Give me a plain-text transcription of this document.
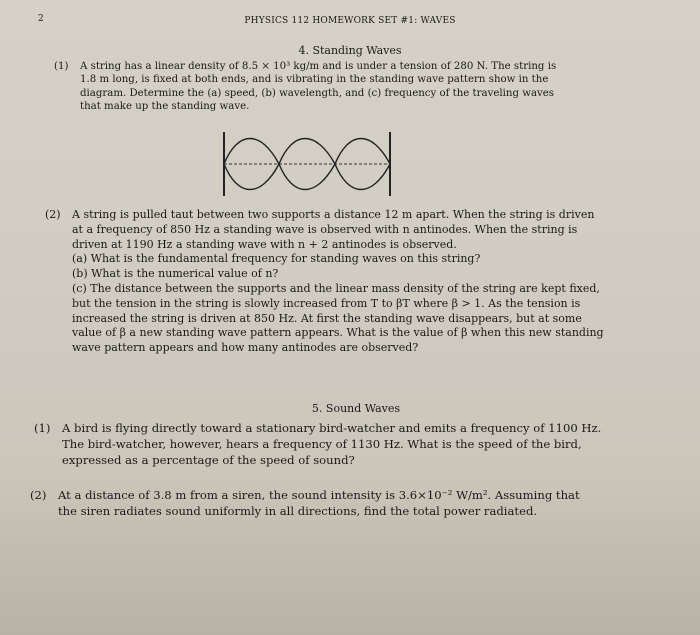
2	PHYSICS 112 HOMEWORK SET #1: WAVES
4. Standing Waves
(1) A string has a linear density of 8.5 × 10³ kg/m and is under a tension of 280 N. The string is
1.8 m long, is fixed at both ends, and is vibrating in the standing wave pattern show in the
diagram. Determine the (a) speed, (b) wavelength, and (c) frequency of the traveling waves
that make up the standing wave.
(2) A string is pulled taut between two supports a distance 12 m apart. When the string is driven
at a frequency of 850 Hz a standing wave is observed with n antinodes. When the string is
driven at 1190 Hz a standing wave with n + 2 antinodes is observed.
(a) What is the fundamental frequency for standing waves on this string?
(b) What is the numerical value of n?
(c) The distance between the supports and the linear mass density of the string are kept fixed,
but the tension in the string is slowly increased from T to βT where β > 1. As the tension is
increased the string is driven at 850 Hz. At first the standing wave disappears, but at some
value of β a new standing wave pattern appears. What is the value of β when this new standing
wave pattern appears and how many antinodes are observed?
5. Sound Waves
(1) A bird is flying directly toward a stationary bird-watcher and emits a frequency of 1100 Hz.
The bird-watcher, however, hears a frequency of 1130 Hz. What is the speed of the bird,
expressed as a percentage of the speed of sound?
(2) At a distance of 3.8 m from a siren, the sound intensity is 3.6×10⁻² W/m². Assuming that
the siren radiates sound uniformly in all directions, find the total power radiated.
